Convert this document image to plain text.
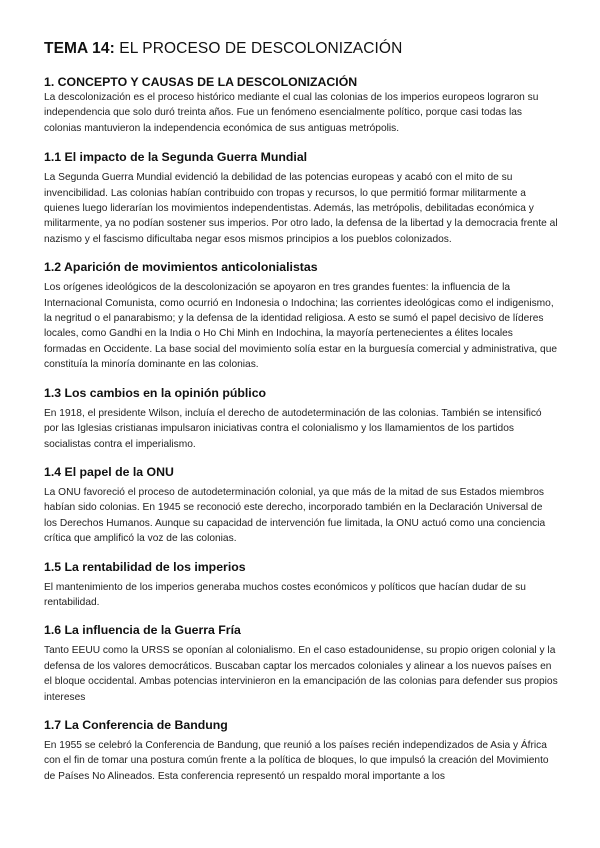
TEMA 14: EL PROCESO DE DESCOLONIZACIÓN
1. CONCEPTO Y CAUSAS DE LA DESCOLONIZACIÓN

La descolonización es el proceso histórico mediante el cual las colonias de los imperios europeos lograron su independencia que solo duró treinta años. Fue un fenómeno esencialmente político, porque casi todas las colonias mantuvieron la independencia económica de sus antiguas metrópolis.

1.1 El impacto de la Segunda Guerra Mundial

La Segunda Guerra Mundial evidenció la debilidad de las potencias europeas y acabó con el mito de su invencibilidad. Las colonias habían contribuido con tropas y recursos, lo que permitió formar militarmente a quienes luego liderarían los movimientos independentistas. Además, las metrópolis, debilitadas económica y militarmente, ya no podían sostener sus imperios. Por otro lado, la defensa de la libertad y la democracia frente al nazismo y el fascismo dificultaba negar esos mismos principios a los pueblos colonizados.

1.2 Aparición de movimientos anticolonialistas

Los orígenes ideológicos de la descolonización se apoyaron en tres grandes fuentes: la influencia de la Internacional Comunista, como ocurrió en Indonesia o Indochina; las corrientes ideológicas como el indigenismo, la negritud o el panarabismo; y la defensa de la identidad religiosa. A esto se sumó el papel decisivo de líderes locales, como Gandhi en la India o Ho Chi Minh en Indochina, la mayoría pertenecientes a élites locales formadas en Occidente. La base social del movimiento solía estar en la burguesía comercial y administrativa, que constituía la minoría dominante en las colonias.

1.3 Los cambios en la opinión público

En 1918, el presidente Wilson, incluía el derecho de autodeterminación de las colonias. También se intensificó por las Iglesias cristianas impulsaron iniciativas contra el colonialismo y los llamamientos de los partidos socialistas contra el imperialismo.

1.4 El papel de la ONU

La ONU favoreció el proceso de autodeterminación colonial, ya que más de la mitad de sus Estados miembros habían sido colonias. En 1945 se reconoció este derecho, incorporado también en la Declaración Universal de los Derechos Humanos. Aunque su capacidad de intervención fue limitada, la ONU actuó como una conciencia crítica que amplificó la voz de las colonias.

1.5 La rentabilidad de los imperios

El mantenimiento de los imperios generaba muchos costes económicos y políticos que hacían dudar de su rentabilidad.

1.6 La influencia de la Guerra Fría

Tanto EEUU como la URSS se oponían al colonialismo. En el caso estadounidense, su propio origen colonial y la defensa de los valores democráticos. Buscaban captar los mercados coloniales y alinear a los nuevos países en el bloque occidental. Ambas potencias intervinieron en la emancipación de las colonias para defender sus propios intereses

1.7 La Conferencia de Bandung

En 1955 se celebró la Conferencia de Bandung, que reunió a los países recién independizados de Asia y África con el fin de tomar una postura común frente a la política de bloques, lo que impulsó la creación del Movimiento de Países No Alineados. Esta conferencia representó un respaldo moral importante a los
